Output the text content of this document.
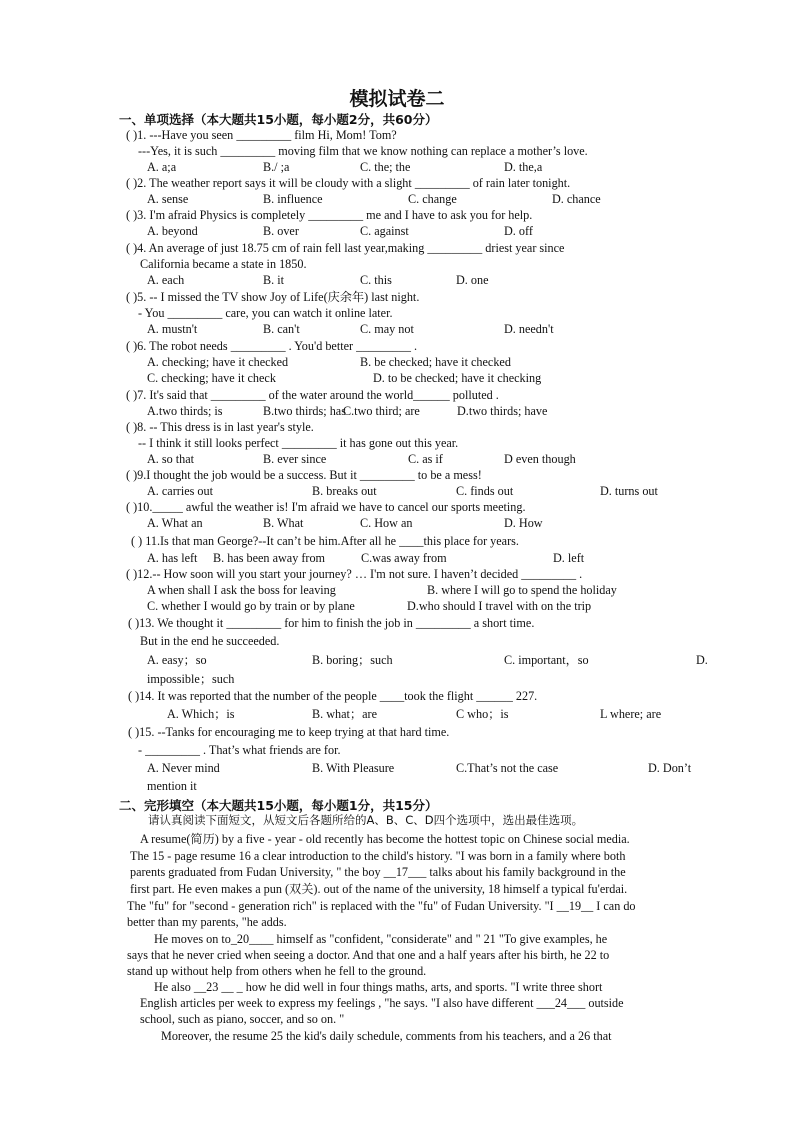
模拟试卷二
一、单项选择（本大题共15小题，每小题2分，共60分）
( )1. ---Have you seen _________ film Hi, Mom! Tom?
---Yes, it is such _________ moving film that we know nothing can replace a mother’s love.
A. a;a	B./ ;a	C. the; the	D. the,a
( )2. The weather report says it will be cloudy with a slight _________ of rain later tonight.
A. sense	B. influence	C. change	D. chance
( )3. I'm afraid Physics is completely _________ me and I have to ask you for help.
A. beyond	B. over	C. against	D. off
( )4. An average of just 18.75 cm of rain fell last year,making _________ driest year since
California became a state in 1850.
A. each	B. it	C. this	D. one
( )5. -- I missed the TV show Joy of Life(庆余年) last night.
- You _________ care, you can watch it online later.
A. mustn't	B. can't	C. may not	D. needn't
( )6. The robot needs _________ . You'd better _________ .
A. checking; have it checked	B. be checked; have it checked
C. checking; have it check	D. to be checked; have it checking
( )7. It's said that _________ of the water around the world______ polluted .
A.two thirds; is	B.two thirds; has
C.two third; are	D.two thirds; have
( )8. -- This dress is in last year's style.
-- I think it still looks perfect _________ it has gone out this year.
A. so that	B. ever since	C. as if	D even though
( )9.I thought the job would be a success. But it _________ to be a mess!
A. carries out	B. breaks out	C. finds out	D. turns out
( )10._____ awful the weather is! I'm afraid we have to cancel our sports meeting.
A. What an	B. What	C. How an	D. How
( ) 11.Is that man George?--It can’t be him.After all he ____this place for years.
A. has left B. has been away from	C.was away from	D. left
( )12.-- How soon will you start your journey? … I'm not sure. I haven’t decided _________ .
A when shall I ask the boss for leaving	B. where I will go to spend the holiday
C. whether I would go by train or by plane	D.who should I travel with on the trip
( )13. We thought it _________ for him to finish the job in _________ a short time.
But in the end he succeeded.
A. easy；so	B. boring；such	C. important，so	D.
impossible；such
( )14. It was reported that the number of the people ____took the flight ______ 227.
A. Which；is	B. what；are	C who；is	L where; are
( )15. --Tanks for encouraging me to keep trying at that hard time.
- _________ . That’s what friends are for.
A. Never mind	B. With Pleasure	C.That’s not the case	D. Don’t
mention it
二、完形填空（本大题共15小题，每小题1分，共15分）
请认真阅读下面短文，从短文后各题所给的A、B、C、D四个选项中，选出最佳选项。
A resume(简历) by a five - year - old recently has become the hottest topic on Chinese social media.
The 15 - page resume 16 a clear introduction to the child's history. "I was born in a family where both
parents graduated from Fudan University, " the boy __17___ talks about his family background in the
first part. He even makes a pun (双关). out of the name of the university, 18 himself a typical fu'erdai.
The "fu" for "second - generation rich" is replaced with the "fu" of Fudan University. "I __19__ I can do
better than my parents, "he adds.
He moves on to_20____ himself as "confident, "considerate" and " 21 "To give examples, he
says that he never cried when seeing a doctor. And that one and a half years after his birth, he 22 to
stand up without help from others when he fell to the ground.
He also __23 __ _ how he did well in four things maths, arts, and sports. "I write three short
English articles per week to express my feelings , "he says. "I also have different ___24___ outside
school, such as piano, soccer, and so on. "
Moreover, the resume 25 the kid's daily schedule, comments from his teachers, and a 26 that
